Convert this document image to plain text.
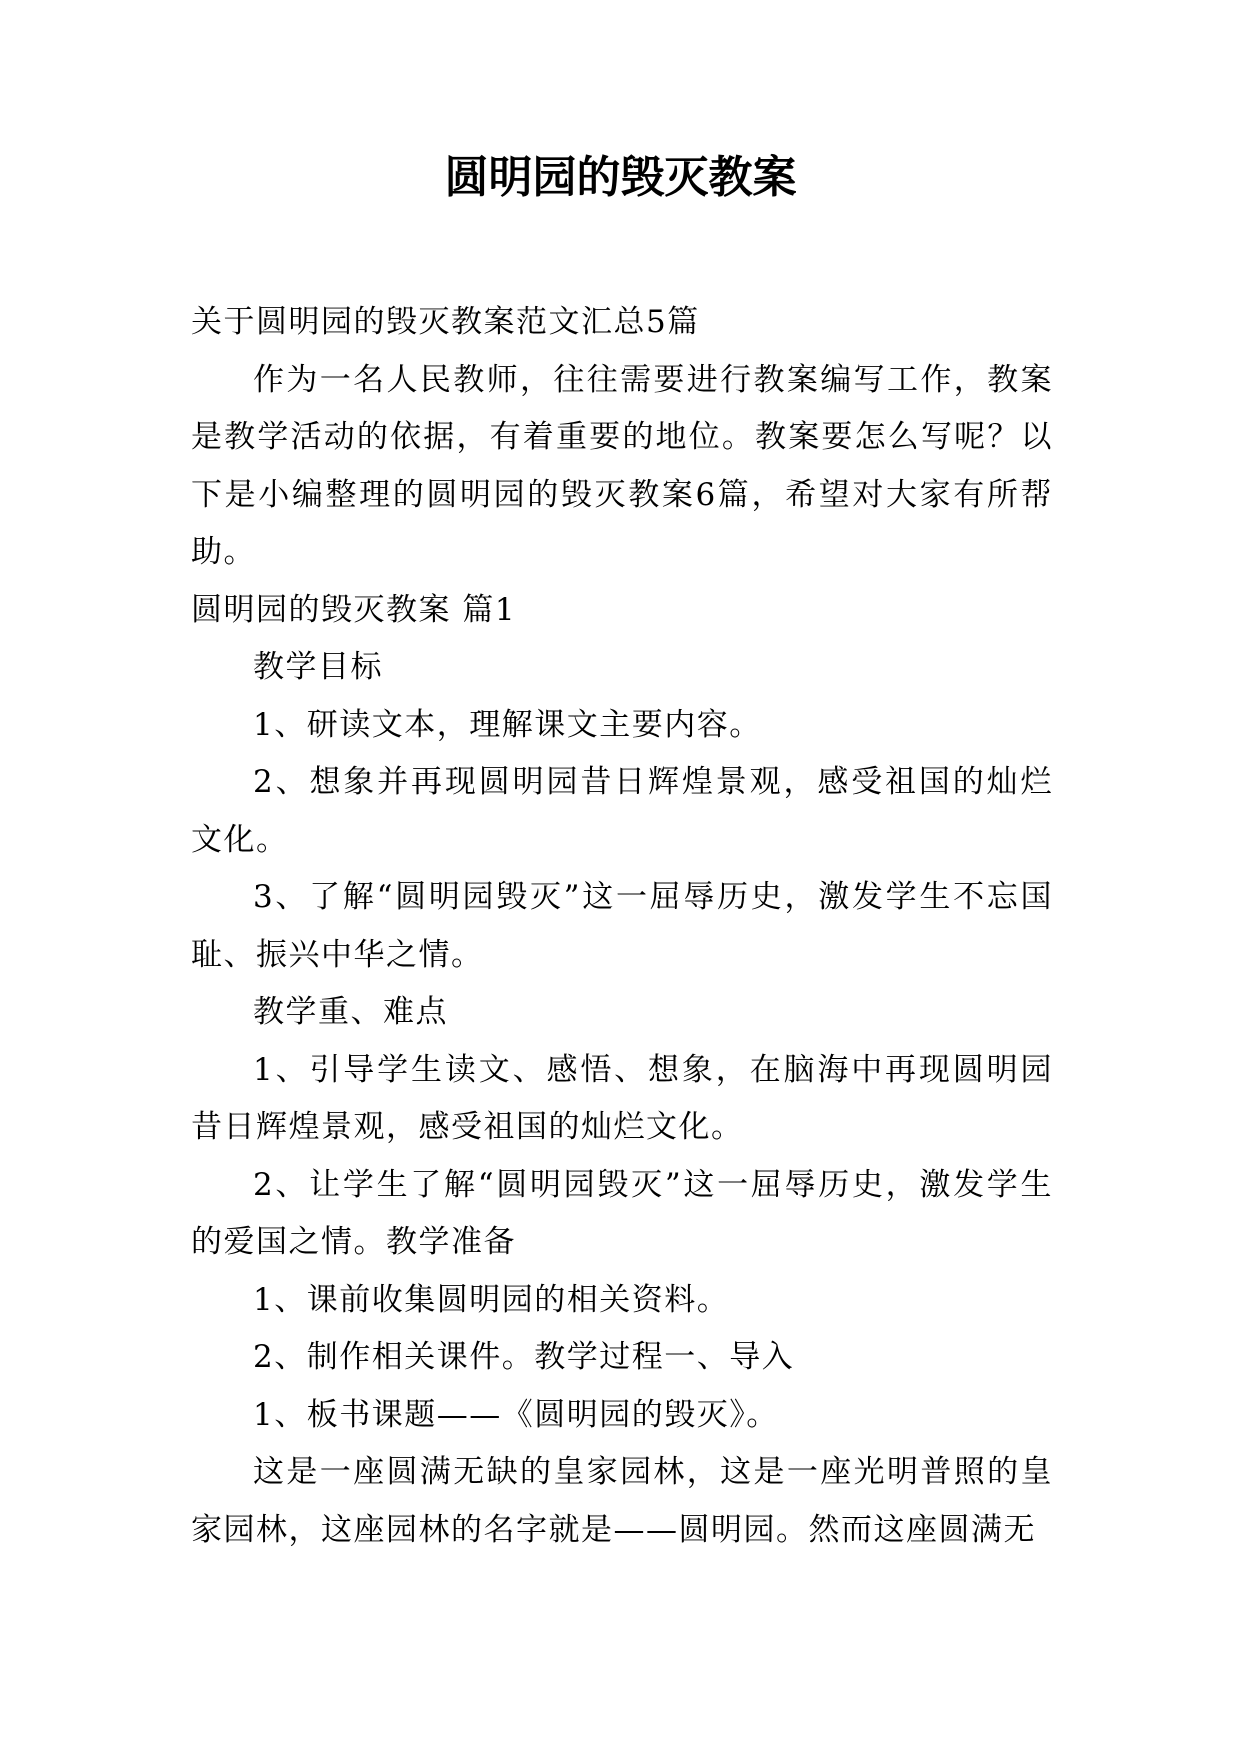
圆明园的毁灭教案

关于圆明园的毁灭教案范文汇总5篇

作为一名人民教师，往往需要进行教案编写工作，教案是教学活动的依据，有着重要的地位。教案要怎么写呢？以下是小编整理的圆明园的毁灭教案6篇，希望对大家有所帮助。

圆明园的毁灭教案 篇1

教学目标

1、研读文本，理解课文主要内容。

2、想象并再现圆明园昔日辉煌景观，感受祖国的灿烂文化。

3、了解“圆明园毁灭”这一屈辱历史，激发学生不忘国耻、振兴中华之情。

教学重、难点

1、引导学生读文、感悟、想象，在脑海中再现圆明园昔日辉煌景观，感受祖国的灿烂文化。

2、让学生了解“圆明园毁灭”这一屈辱历史，激发学生的爱国之情。教学准备

1、课前收集圆明园的相关资料。

2、制作相关课件。教学过程一、导入

1、板书课题——《圆明园的毁灭》。

这是一座圆满无缺的皇家园林，这是一座光明普照的皇家园林，这座园林的名字就是——圆明园。然而这座圆满无
